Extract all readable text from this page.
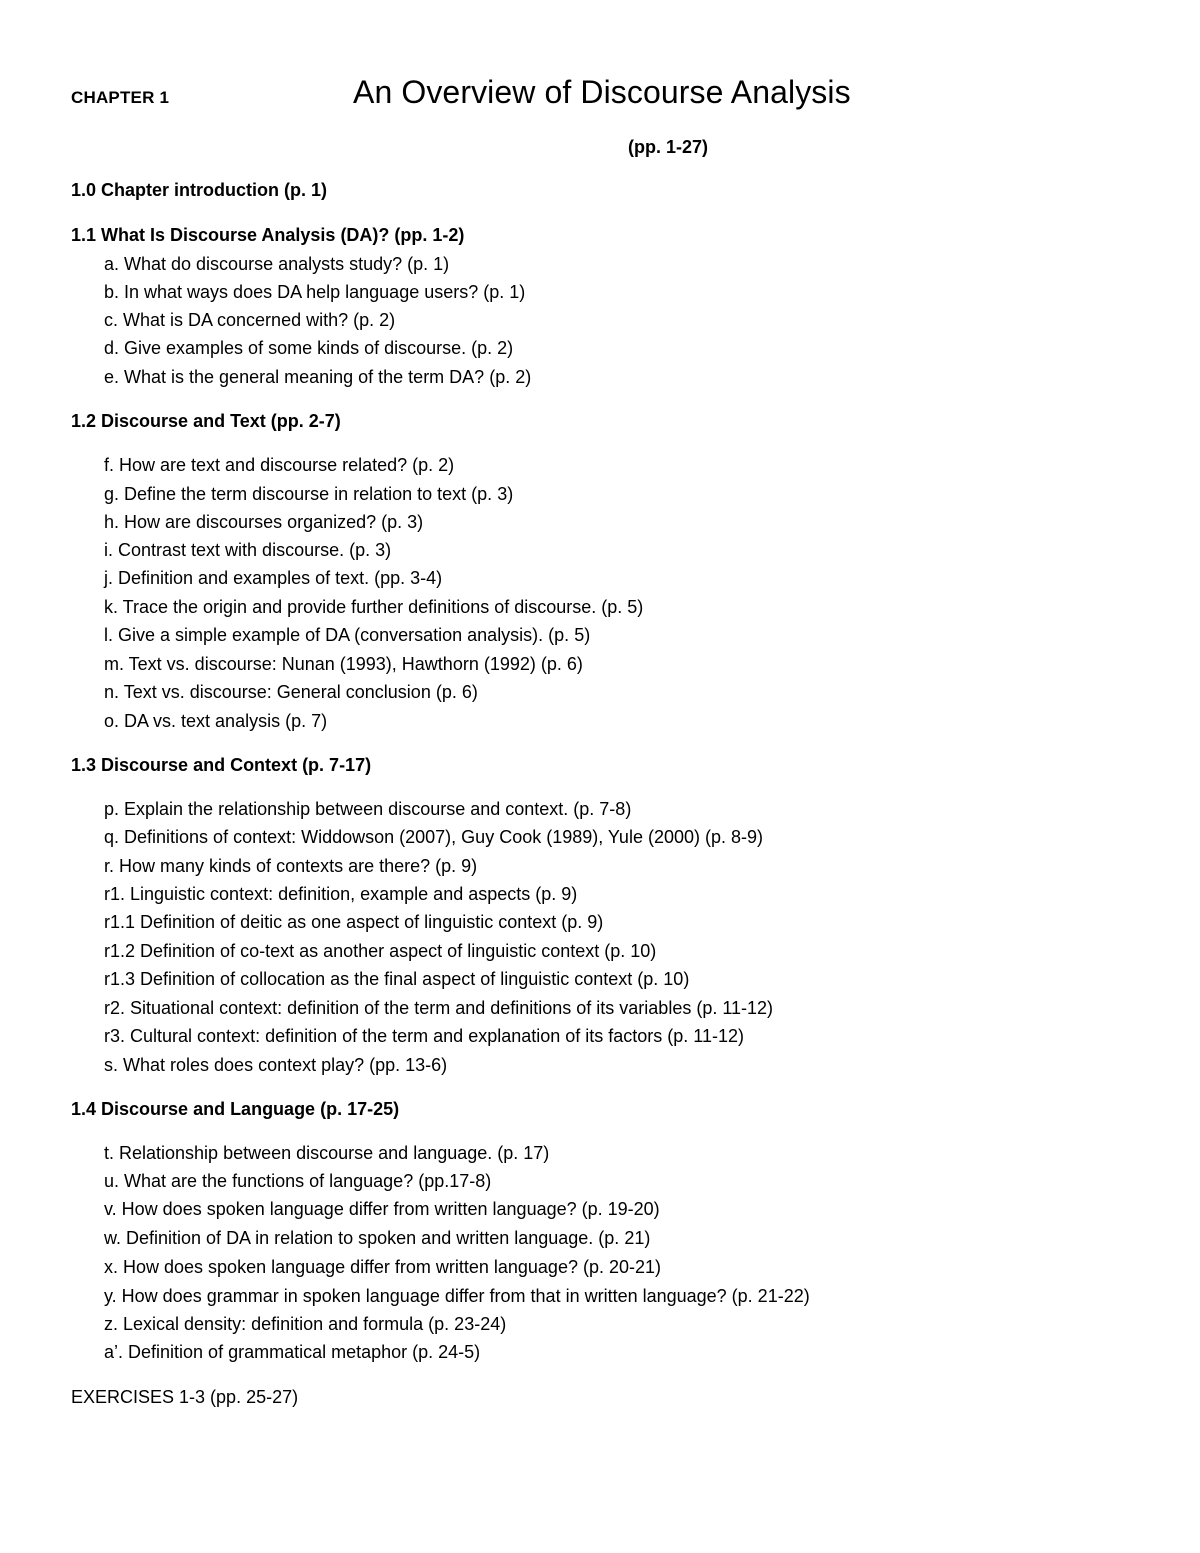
CHAPTER 1	An Overview of Discourse Analysis
(pp. 1-27)
1.0 Chapter introduction (p. 1)
1.1 What Is Discourse Analysis (DA)? (pp. 1-2)
a. What do discourse analysts study? (p. 1)
b. In what ways does DA help language users? (p. 1)
c. What is DA concerned with? (p. 2)
d. Give examples of some kinds of discourse. (p. 2)
e. What is the general meaning of the term DA? (p. 2)
1.2 Discourse and Text (pp. 2-7)
f. How are text and discourse related? (p. 2)
g. Define the term discourse in relation to text (p. 3)
h. How are discourses organized? (p. 3)
i. Contrast text with discourse. (p. 3)
j. Definition and examples of text. (pp. 3-4)
k. Trace the origin and provide further definitions of discourse. (p. 5)
l. Give a simple example of DA (conversation analysis). (p. 5)
m. Text vs. discourse: Nunan (1993), Hawthorn (1992) (p. 6)
n. Text vs. discourse: General conclusion (p. 6)
o. DA vs. text analysis (p. 7)
1.3 Discourse and Context (p. 7-17)
p. Explain the relationship between discourse and context. (p. 7-8)
q. Definitions of context: Widdowson (2007), Guy Cook (1989), Yule (2000) (p. 8-9)
r. How many kinds of contexts are there? (p. 9)
r1. Linguistic context: definition, example and aspects (p. 9)
r1.1 Definition of deitic as one aspect of linguistic context (p. 9)
r1.2 Definition of co-text as another aspect of linguistic context (p. 10)
r1.3 Definition of collocation as the final aspect of linguistic context (p. 10)
r2. Situational context: definition of the term and definitions of its variables (p. 11-12)
r3. Cultural context: definition of the term and explanation of its factors (p. 11-12)
s. What roles does context play? (pp. 13-6)
1.4 Discourse and Language (p. 17-25)
t. Relationship between discourse and language. (p. 17)
u. What are the functions of language? (pp.17-8)
v. How does spoken language differ from written language? (p. 19-20)
w. Definition of DA in relation to spoken and written language. (p. 21)
x. How does spoken language differ from written language? (p. 20-21)
y. How does grammar in spoken language differ from that in written language? (p. 21-22)
z. Lexical density: definition and formula (p. 23-24)
a’. Definition of grammatical metaphor (p. 24-5)
EXERCISES 1-3 (pp. 25-27)
